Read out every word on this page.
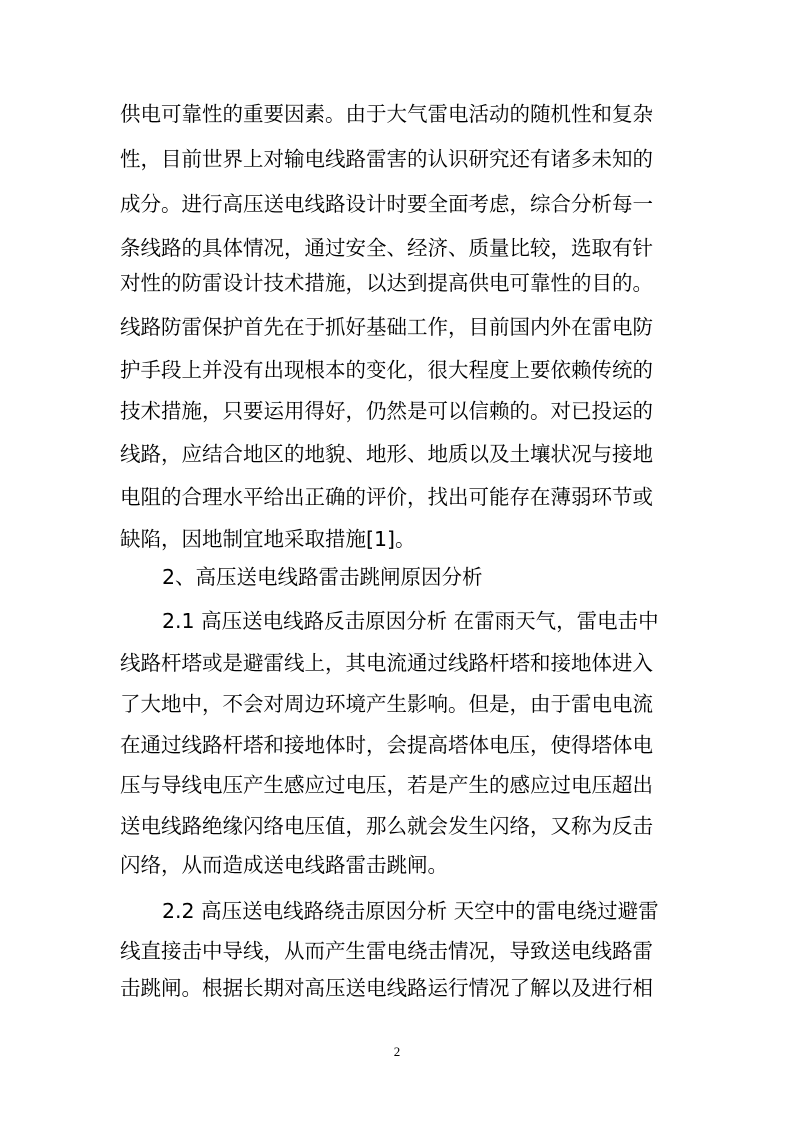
供电可靠性的重要因素。由于大气雷电活动的随机性和复杂
性，目前世界上对输电线路雷害的认识研究还有诸多未知的
成分。进行高压送电线路设计时要全面考虑，综合分析每一
条线路的具体情况，通过安全、经济、质量比较，选取有针
对性的防雷设计技术措施，以达到提高供电可靠性的目的。
线路防雷保护首先在于抓好基础工作，目前国内外在雷电防
护手段上并没有出现根本的变化，很大程度上要依赖传统的
技术措施，只要运用得好，仍然是可以信赖的。对已投运的
线路，应结合地区的地貌、地形、地质以及土壤状况与接地
电阻的合理水平给出正确的评价，找出可能存在薄弱环节或
缺陷，因地制宜地采取措施[1]。
2、高压送电线路雷击跳闸原因分析
2.1 高压送电线路反击原因分析 在雷雨天气，雷电击中
线路杆塔或是避雷线上，其电流通过线路杆塔和接地体进入
了大地中，不会对周边环境产生影响。但是，由于雷电电流
在通过线路杆塔和接地体时，会提高塔体电压，使得塔体电
压与导线电压产生感应过电压，若是产生的感应过电压超出
送电线路绝缘闪络电压值，那么就会发生闪络，又称为反击
闪络，从而造成送电线路雷击跳闸。
2.2 高压送电线路绕击原因分析 天空中的雷电绕过避雷
线直接击中导线，从而产生雷电绕击情况，导致送电线路雷
击跳闸。根据长期对高压送电线路运行情况了解以及进行相
2
